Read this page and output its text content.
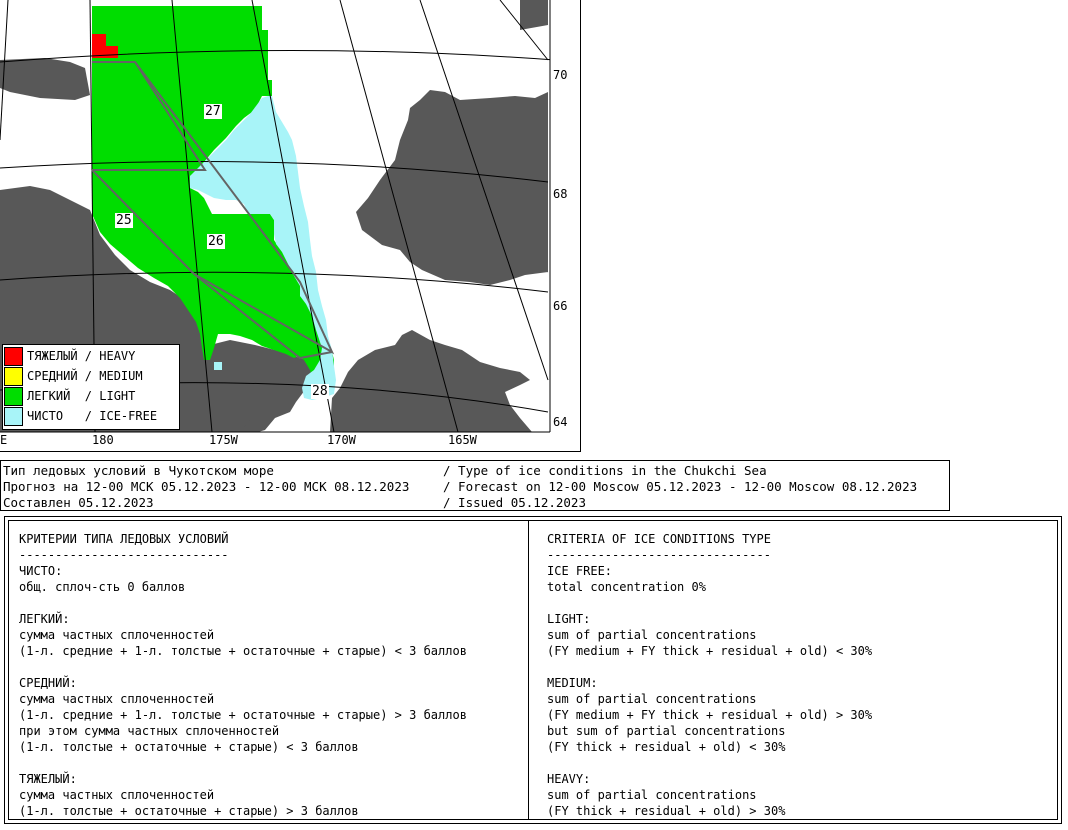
70
68
66
64
E	180	175W	170W	165W
27
25
26
28
ТЯЖЕЛЫЙ / HEAVY
СРЕДНИЙ / MEDIUM
ЛЕГКИЙ  / LIGHT
ЧИСТО   / ICE-FREE
Тип ледовых условий в Чукотском море
Прогноз на 12-00 МСК 05.12.2023 - 12-00 МСК 08.12.2023
Составлен 05.12.2023
/ Type of ice conditions in the Chukchi Sea
/ Forecast on 12-00 Moscow 05.12.2023 - 12-00 Moscow 08.12.2023
/ Issued 05.12.2023
КРИТЕРИИ ТИПА ЛЕДОВЫХ УСЛОВИЙ
-----------------------------
ЧИСТО:
общ. сплоч-сть 0 баллов
ЛЕГКИЙ:
сумма частных сплоченностей
(1-л. средние + 1-л. толстые + остаточные + старые) < 3 баллов
СРЕДНИЙ:
сумма частных сплоченностей
(1-л. средние + 1-л. толстые + остаточные + старые) > 3 баллов
при этом сумма частных сплоченностей
(1-л. толстые + остаточные + старые) < 3 баллов
ТЯЖЕЛЫЙ:
сумма частных сплоченностей
(1-л. толстые + остаточные + старые) > 3 баллов
CRITERIA OF ICE CONDITIONS TYPE
-------------------------------
ICE FREE:
total concentration 0%
LIGHT:
sum of partial concentrations
(FY medium + FY thick + residual + old) < 30%
MEDIUM:
sum of partial concentrations
(FY medium + FY thick + residual + old) > 30%
but sum of partial concentrations
(FY thick + residual + old) < 30%
HEAVY:
sum of partial concentrations
(FY thick + residual + old) > 30%
